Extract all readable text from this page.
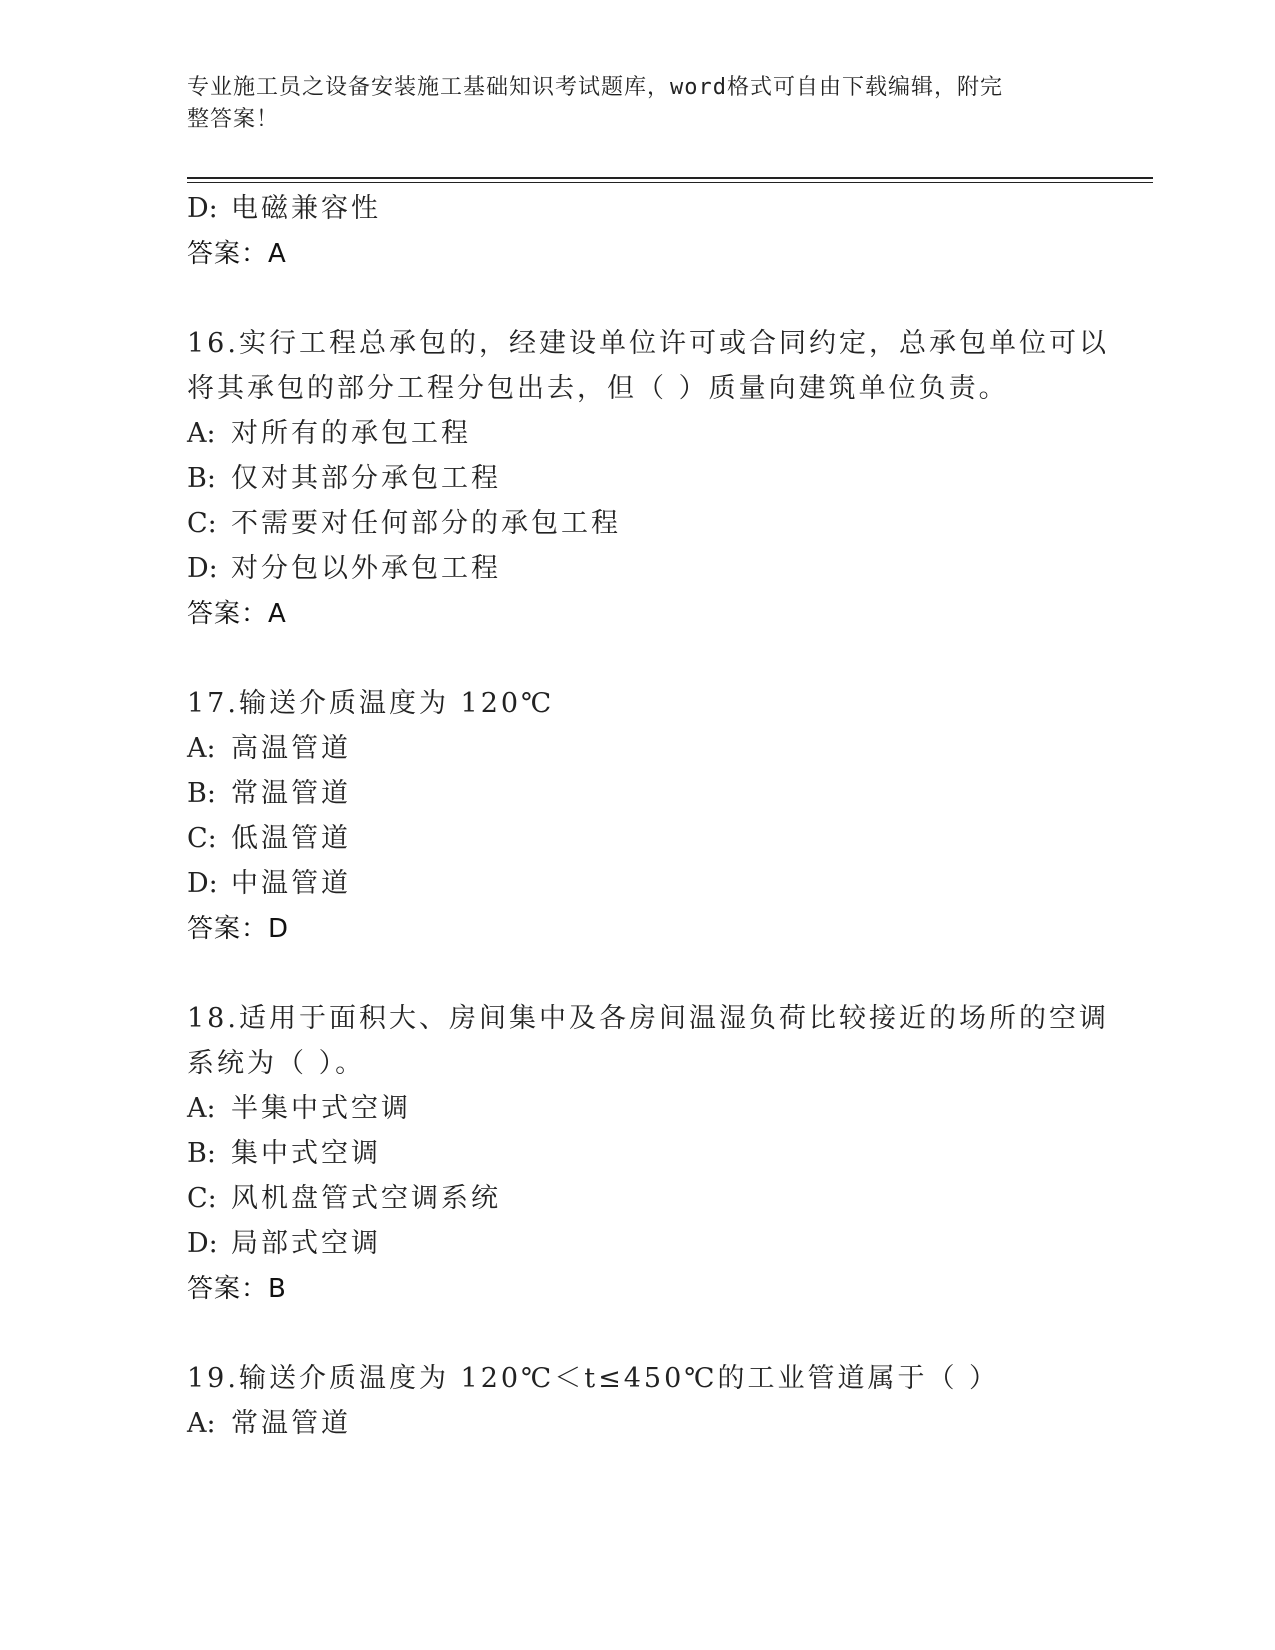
专业施工员之设备安装施工基础知识考试题库，word格式可自由下载编辑，附完
整答案！
D: 电磁兼容性
答案：A
16.实行工程总承包的，经建设单位许可或合同约定，总承包单位可以
将其承包的部分工程分包出去，但（ ）质量向建筑单位负责。
A: 对所有的承包工程
B: 仅对其部分承包工程
C: 不需要对任何部分的承包工程
D: 对分包以外承包工程
答案：A
17.输送介质温度为 120℃
A: 高温管道
B: 常温管道
C: 低温管道
D: 中温管道
答案：D
18.适用于面积大、房间集中及各房间温湿负荷比较接近的场所的空调
系统为（ ）。
A: 半集中式空调
B: 集中式空调
C: 风机盘管式空调系统
D: 局部式空调
答案：B
19.输送介质温度为 120℃＜t≤450℃的工业管道属于（ ）
A: 常温管道
